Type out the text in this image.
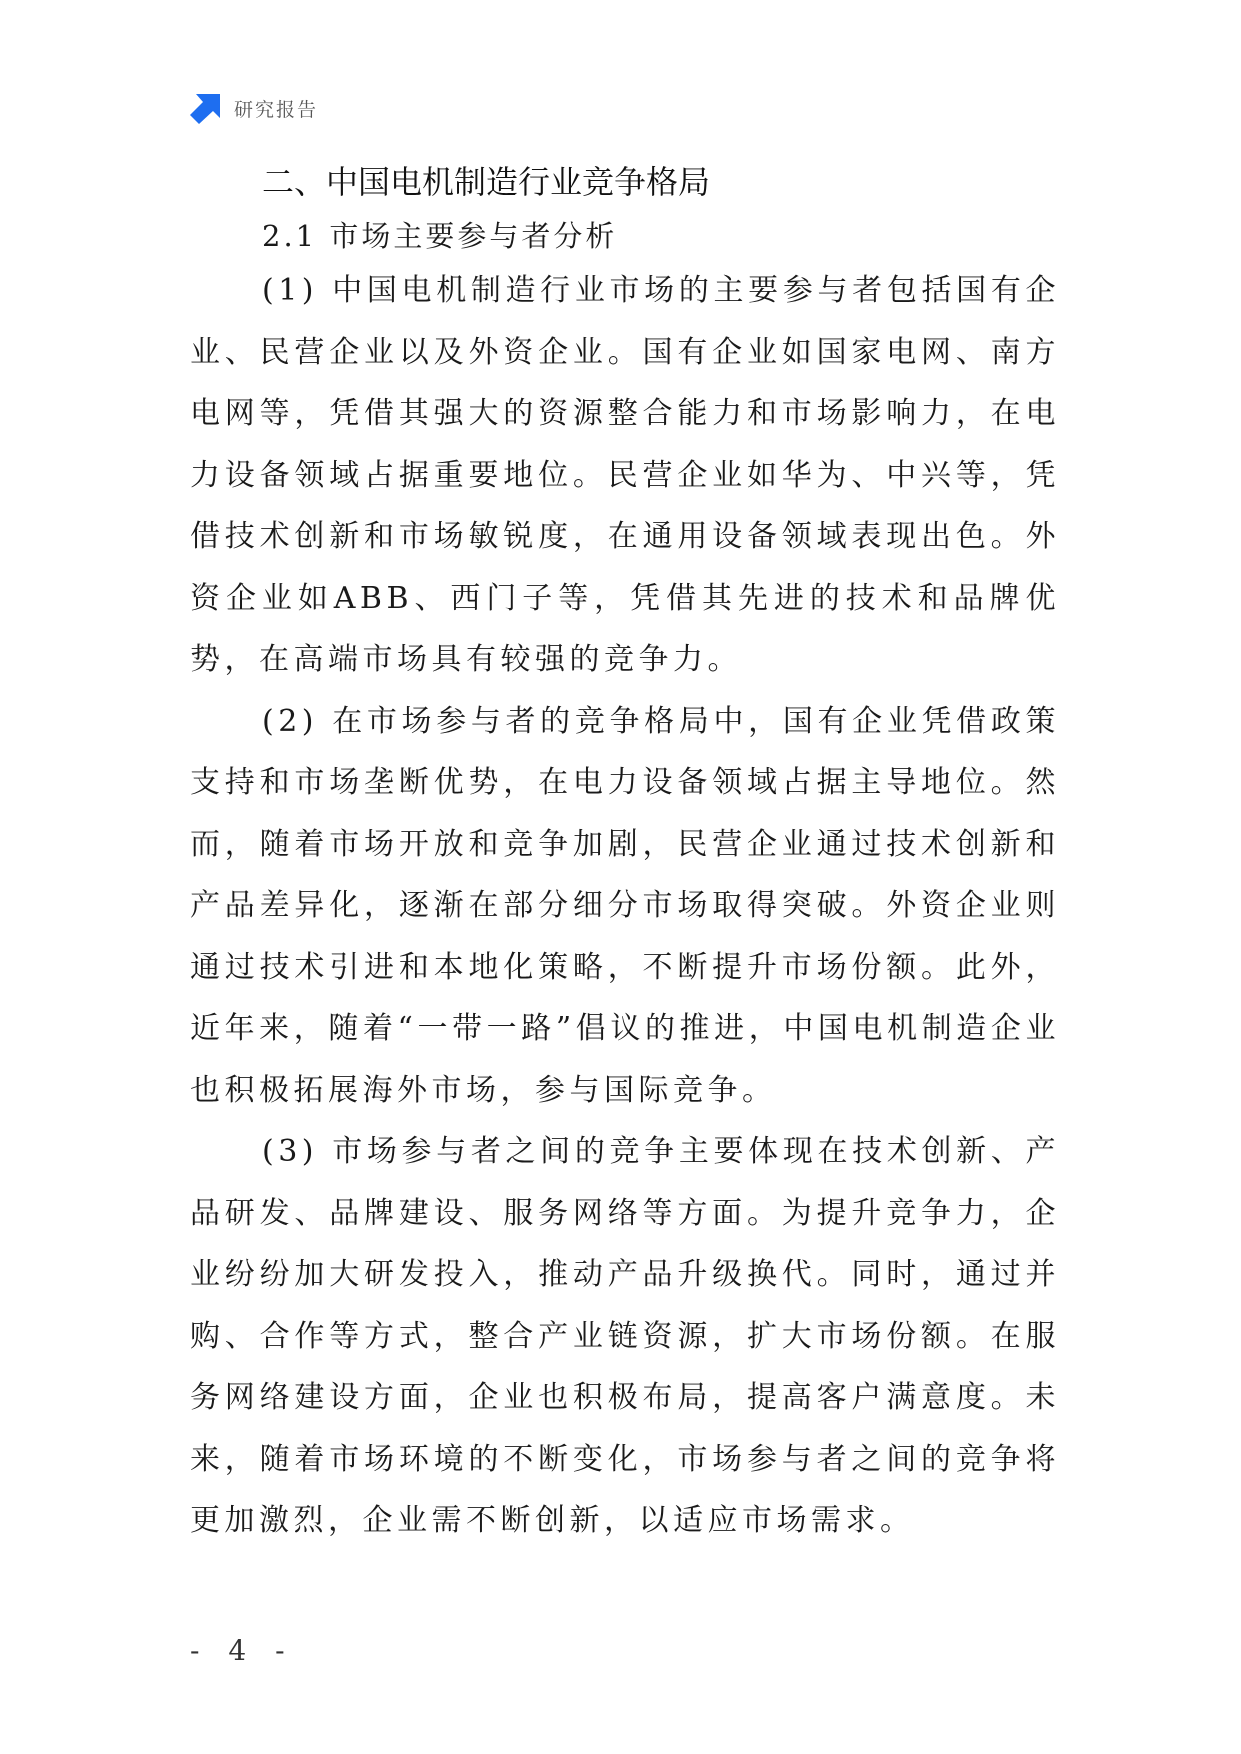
研究报告
二、中国电机制造行业竞争格局
2.1 市场主要参与者分析

(1) 中国电机制造行业市场的主要参与者包括国有企业、民营企业以及外资企业。国有企业如国家电网、南方电网等，凭借其强大的资源整合能力和市场影响力，在电力设备领域占据重要地位。民营企业如华为、中兴等，凭借技术创新和市场敏锐度，在通用设备领域表现出色。外资企业如ABB、西门子等，凭借其先进的技术和品牌优势，在高端市场具有较强的竞争力。

(2) 在市场参与者的竞争格局中，国有企业凭借政策支持和市场垄断优势，在电力设备领域占据主导地位。然而，随着市场开放和竞争加剧，民营企业通过技术创新和产品差异化，逐渐在部分细分市场取得突破。外资企业则通过技术引进和本地化策略，不断提升市场份额。此外，近年来，随着“一带一路”倡议的推进，中国电机制造企业也积极拓展海外市场，参与国际竞争。

(3) 市场参与者之间的竞争主要体现在技术创新、产品研发、品牌建设、服务网络等方面。为提升竞争力，企业纷纷加大研发投入，推动产品升级换代。同时，通过并购、合作等方式，整合产业链资源，扩大市场份额。在服务网络建设方面，企业也积极布局，提高客户满意度。未来，随着市场环境的不断变化，市场参与者之间的竞争将更加激烈，企业需不断创新，以适应市场需求。

- 4 -
